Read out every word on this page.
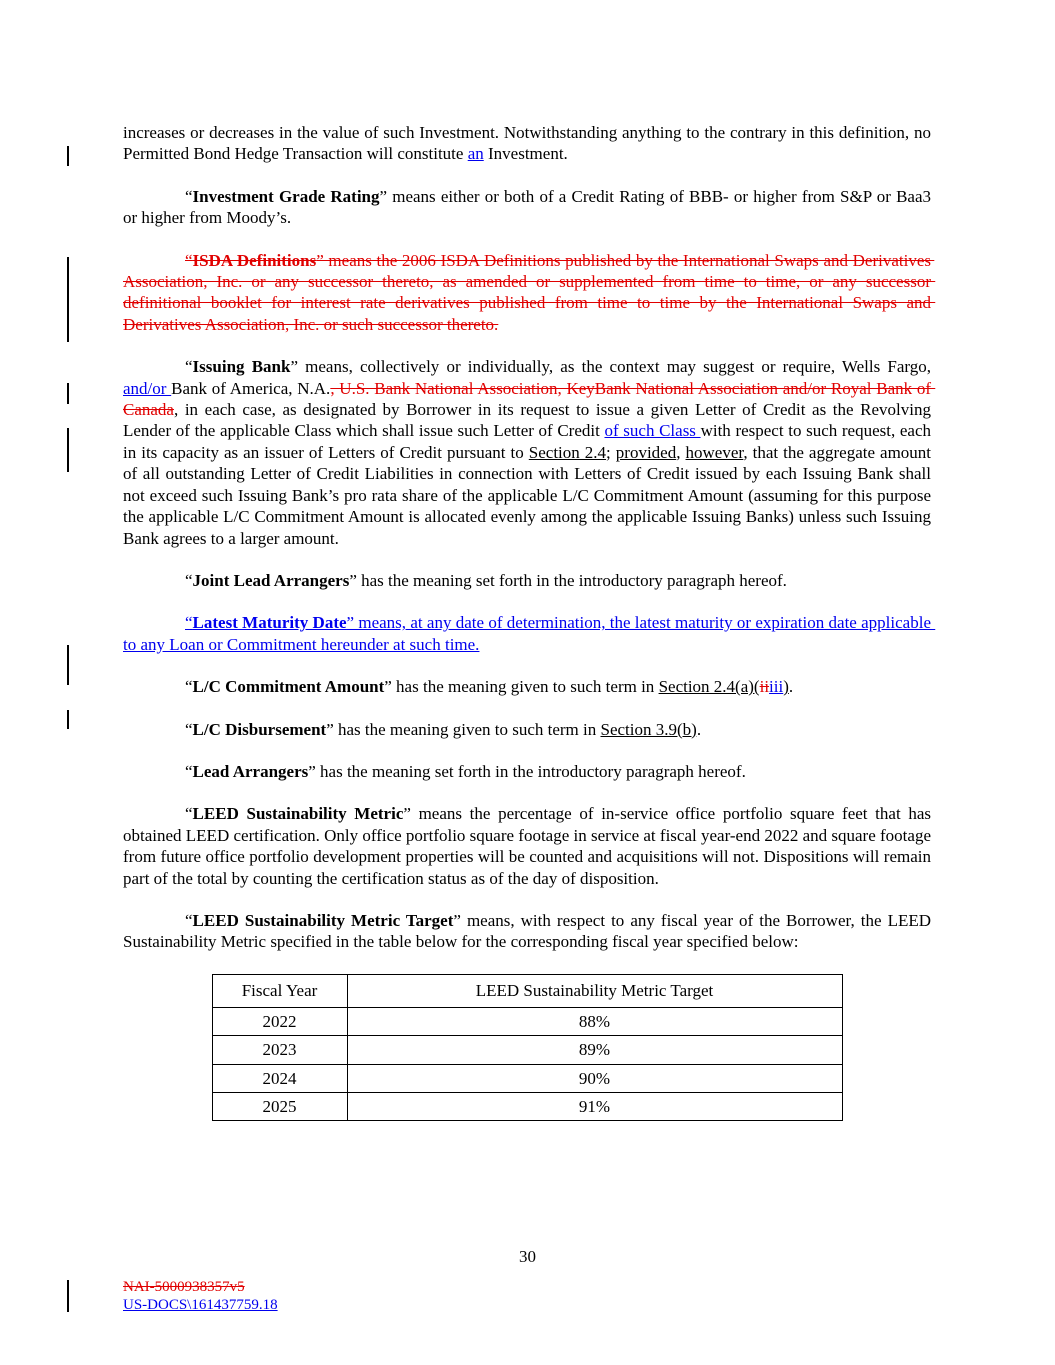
increases or decreases in the value of such Investment. Notwithstanding anything to the contrary in this definition, no Permitted Bond Hedge Transaction will constitute an Investment.

“Investment Grade Rating” means either or both of a Credit Rating of BBB- or higher from S&P or Baa3 or higher from Moody’s.

“ISDA Definitions” means the 2006 ISDA Definitions published by the International Swaps and Derivatives Association, Inc. or any successor thereto, as amended or supplemented from time to time, or any successor definitional booklet for interest rate derivatives published from time to time by the International Swaps and Derivatives Association, Inc. or such successor thereto.

“Issuing Bank” means, collectively or individually, as the context may suggest or require, Wells Fargo, and/or Bank of America, N.A., U.S. Bank National Association, KeyBank National Association and/or Royal Bank of Canada, in each case, as designated by Borrower in its request to issue a given Letter of Credit as the Revolving Lender of the applicable Class which shall issue such Letter of Credit of such Class with respect to such request, each in its capacity as an issuer of Letters of Credit pursuant to Section 2.4; provided, however, that the aggregate amount of all outstanding Letter of Credit Liabilities in connection with Letters of Credit issued by each Issuing Bank shall not exceed such Issuing Bank’s pro rata share of the applicable L/C Commitment Amount (assuming for this purpose the applicable L/C Commitment Amount is allocated evenly among the applicable Issuing Banks) unless such Issuing Bank agrees to a larger amount.

“Joint Lead Arrangers” has the meaning set forth in the introductory paragraph hereof.

“Latest Maturity Date” means, at any date of determination, the latest maturity or expiration date applicable to any Loan or Commitment hereunder at such time.

“L/C Commitment Amount” has the meaning given to such term in Section 2.4(a)(iiiii).

“L/C Disbursement” has the meaning given to such term in Section 3.9(b).

“Lead Arrangers” has the meaning set forth in the introductory paragraph hereof.

“LEED Sustainability Metric” means the percentage of in-service office portfolio square feet that has obtained LEED certification. Only office portfolio square footage in service at fiscal year-end 2022 and square footage from future office portfolio development properties will be counted and acquisitions will not. Dispositions will remain part of the total by counting the certification status as of the day of disposition.

“LEED Sustainability Metric Target” means, with respect to any fiscal year of the Borrower, the LEED Sustainability Metric specified in the table below for the corresponding fiscal year specified below:

Fiscal Year	LEED Sustainability Metric Target
2022	88%
2023	89%
2024	90%
2025	91%
30
NAI-5000938357v5
US-DOCS\161437759.18
